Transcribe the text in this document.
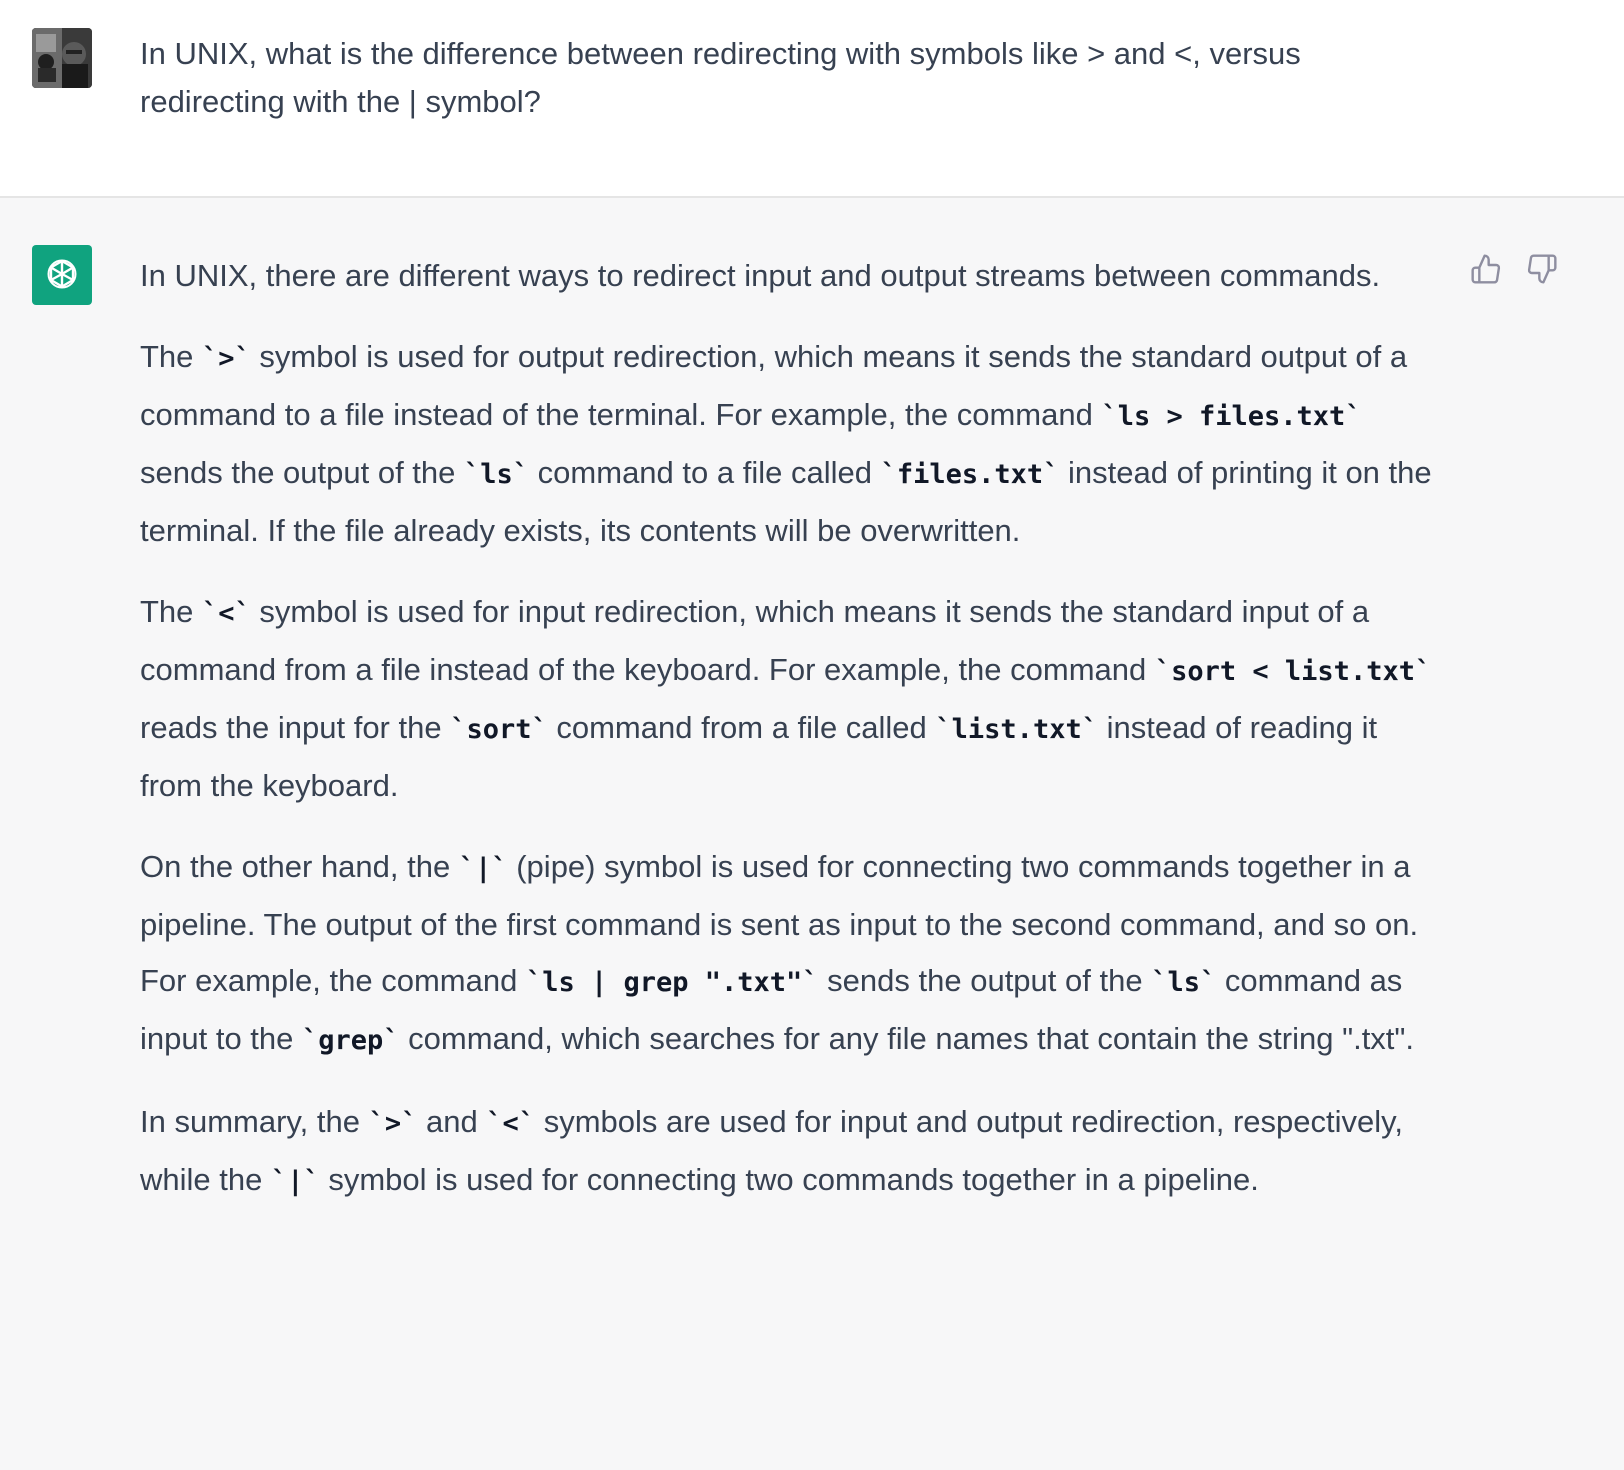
In UNIX, what is the difference between redirecting with symbols like > and <, versus redirecting with the | symbol?

In UNIX, there are different ways to redirect input and output streams between commands.

The `>` symbol is used for output redirection, which means it sends the standard output of a command to a file instead of the terminal. For example, the command `ls > files.txt` sends the output of the `ls` command to a file called `files.txt` instead of printing it on the terminal. If the file already exists, its contents will be overwritten.

The `<` symbol is used for input redirection, which means it sends the standard input of a command from a file instead of the keyboard. For example, the command `sort < list.txt` reads the input for the `sort` command from a file called `list.txt` instead of reading it from the keyboard.

On the other hand, the `|` (pipe) symbol is used for connecting two commands together in a pipeline. The output of the first command is sent as input to the second command, and so on. For example, the command `ls | grep ".txt"` sends the output of the `ls` command as input to the `grep` command, which searches for any file names that contain the string ".txt".

In summary, the `>` and `<` symbols are used for input and output redirection, respectively, while the `|` symbol is used for connecting two commands together in a pipeline.
